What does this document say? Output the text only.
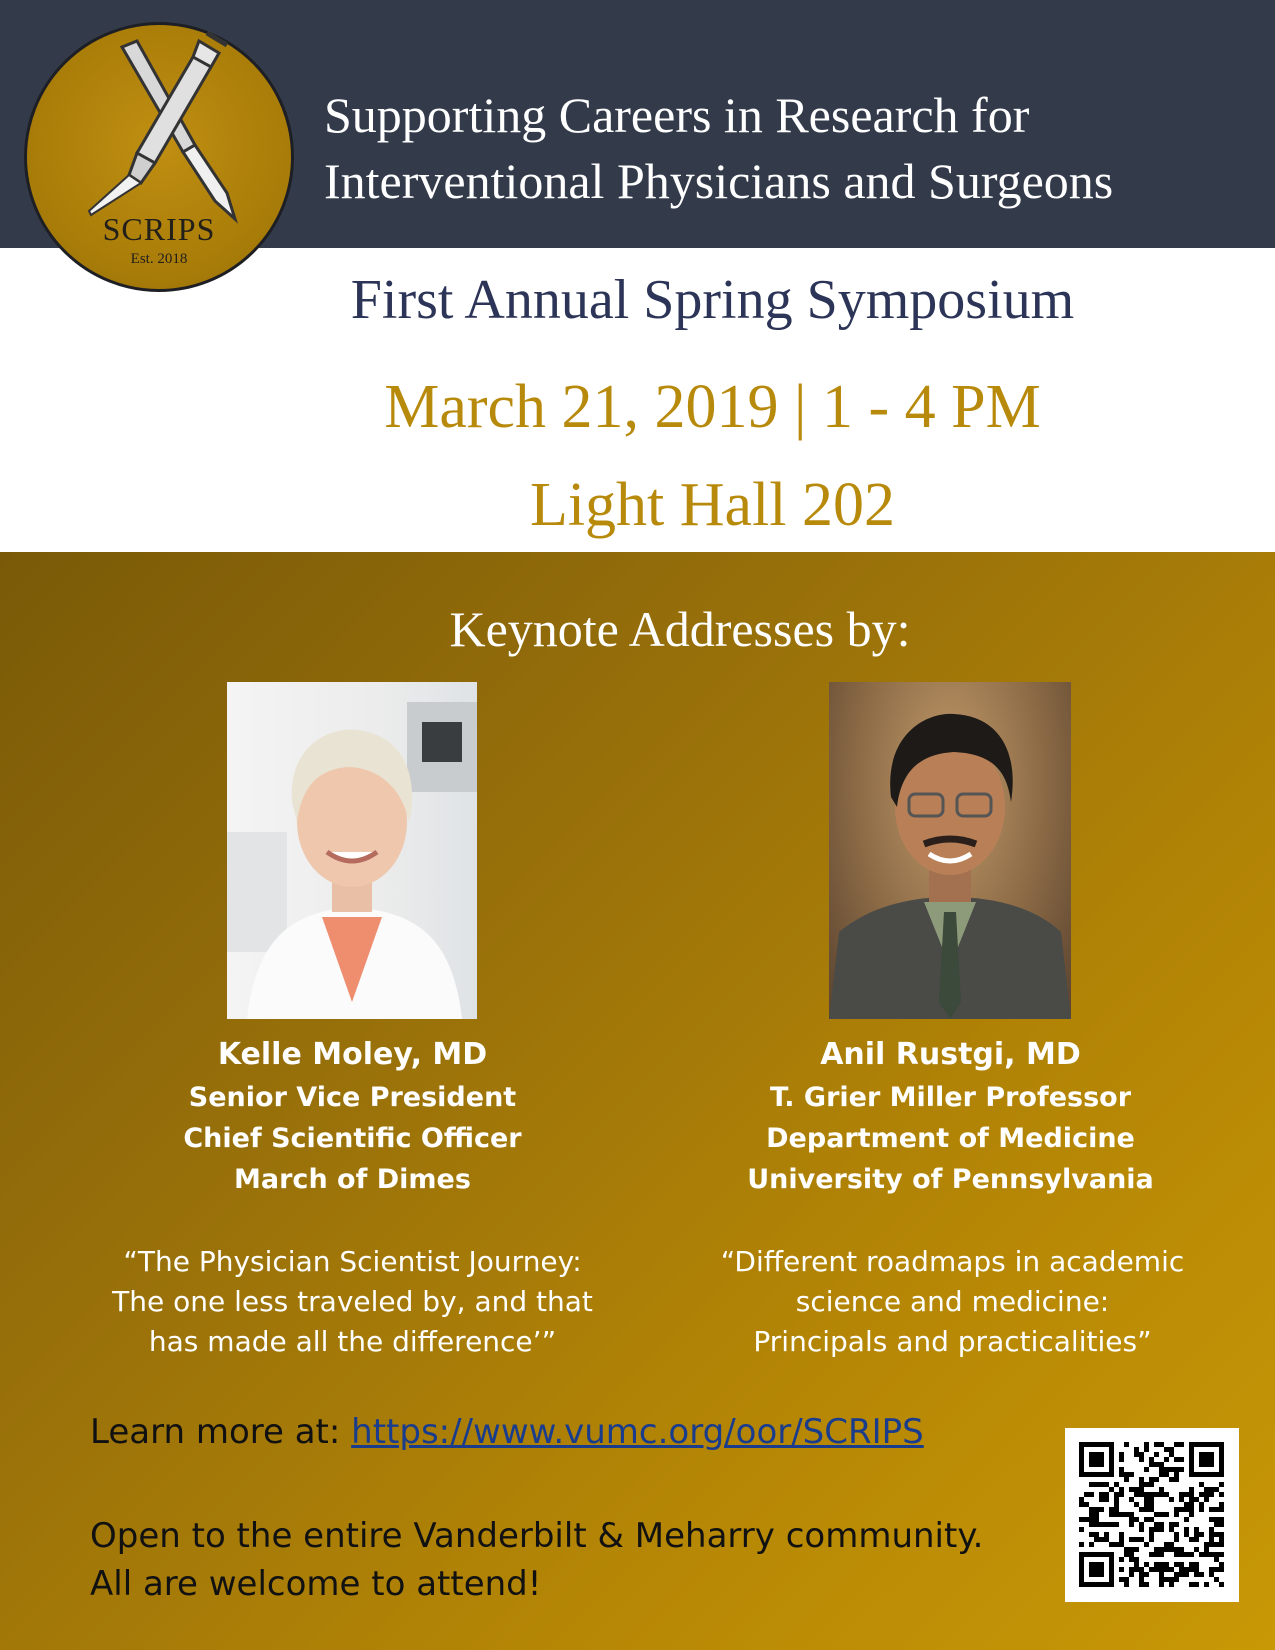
Supporting Careers in Research for
Interventional Physicians and Surgeons
SCRIPS
Est. 2018
First Annual Spring Symposium
March 21, 2019 | 1 - 4 PM
Light Hall 202
Keynote Addresses by:
Kelle Moley, MD
Senior Vice President
Chief Scientific Officer
March of Dimes
Anil Rustgi, MD
T. Grier Miller Professor
Department of Medicine
University of Pennsylvania
“The Physician Scientist Journey:
The one less traveled by, and that
has made all the difference’”
“Different roadmaps in academic
science and medicine:
Principals and practicalities”
Learn more at: https://www.vumc.org/oor/SCRIPS
Open to the entire Vanderbilt & Meharry community.
All are welcome to attend!
